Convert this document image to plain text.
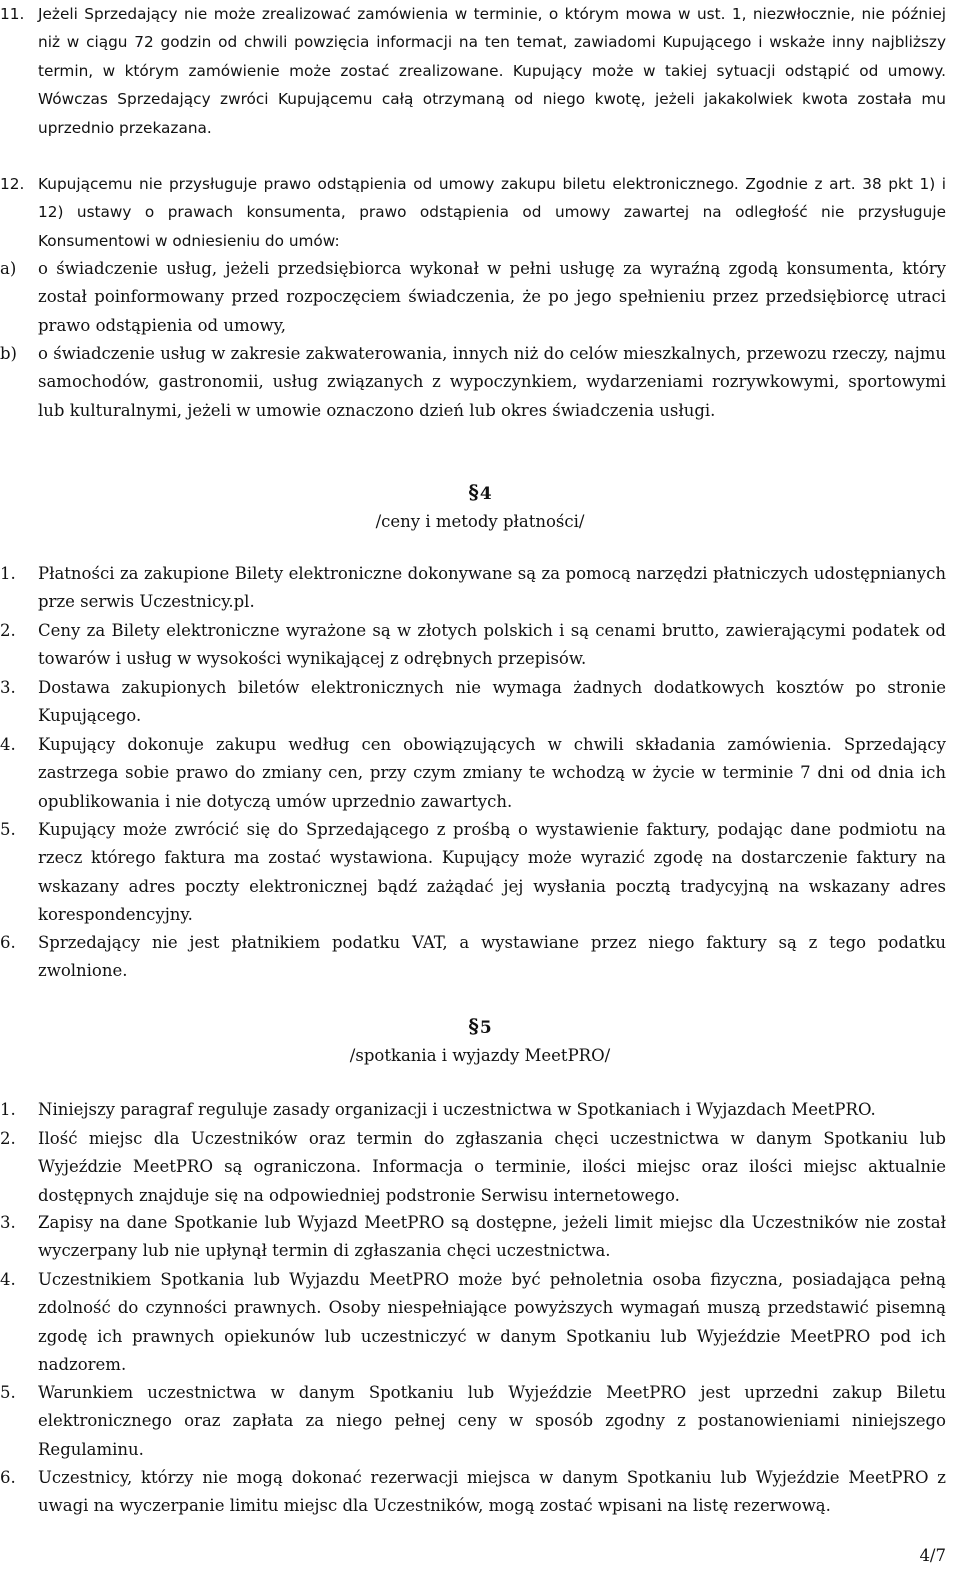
11. Jeżeli Sprzedający nie może zrealizować zamówienia w terminie, o którym mowa w ust. 1, niezwłocznie, nie później niż w ciągu 72 godzin od chwili powzięcia informacji na ten temat, zawiadomi Kupującego i wskaże inny najbliższy termin, w którym zamówienie może zostać zrealizowane. Kupujący może w takiej sytuacji odstąpić od umowy. Wówczas Sprzedający zwróci Kupującemu całą otrzymaną od niego kwotę, jeżeli jakakolwiek kwota została mu uprzednio przekazana.
12. Kupującemu nie przysługuje prawo odstąpienia od umowy zakupu biletu elektronicznego. Zgodnie z art. 38 pkt 1) i 12) ustawy o prawach konsumenta, prawo odstąpienia od umowy zawartej na odległość nie przysługuje Konsumentowi w odniesieniu do umów:
a)	o świadczenie usług, jeżeli przedsiębiorca wykonał w pełni usługę za wyraźną zgodą konsumenta, który został poinformowany przed rozpoczęciem świadczenia, że po jego spełnieniu przez przedsiębiorcę utraci prawo odstąpienia od umowy,
b)	o świadczenie usług w zakresie zakwaterowania, innych niż do celów mieszkalnych, przewozu rzeczy, najmu samochodów, gastronomii, usług związanych z wypoczynkiem, wydarzeniami rozrywkowymi, sportowymi lub kulturalnymi, jeżeli w umowie oznaczono dzień lub okres świadczenia usługi.
§ 4
/ceny i metody płatności/
1.	Płatności za zakupione Bilety elektroniczne dokonywane są za pomocą narzędzi płatniczych udostępnianych prze serwis Uczestnicy.pl.
2.	Ceny za Bilety elektroniczne wyrażone są w złotych polskich i są cenami brutto, zawierającymi podatek od towarów i usług w wysokości wynikającej z odrębnych przepisów.
3.	Dostawa zakupionych biletów elektronicznych nie wymaga żadnych dodatkowych kosztów po stronie Kupującego.
4.	Kupujący dokonuje zakupu według cen obowiązujących w chwili składania zamówienia. Sprzedający zastrzega sobie prawo do zmiany cen, przy czym zmiany te wchodzą w życie w terminie 7 dni od dnia ich opublikowania i nie dotyczą umów uprzednio zawartych.
5.	Kupujący może zwrócić się do Sprzedającego z prośbą o wystawienie faktury, podając dane podmiotu na rzecz którego faktura ma zostać wystawiona. Kupujący może wyrazić zgodę na dostarczenie faktury na wskazany adres poczty elektronicznej bądź zażądać jej wysłania pocztą tradycyjną na wskazany adres korespondencyjny.
6.	Sprzedający nie jest płatnikiem podatku VAT, a wystawiane przez niego faktury są z tego podatku zwolnione.
§ 5
/spotkania i wyjazdy MeetPRO/
1.	Niniejszy paragraf reguluje zasady organizacji i uczestnictwa w Spotkaniach i Wyjazdach MeetPRO.
2.	Ilość miejsc dla Uczestników oraz termin do zgłaszania chęci uczestnictwa w danym Spotkaniu lub Wyjeździe MeetPRO są ograniczona. Informacja o terminie, ilości miejsc oraz ilości miejsc aktualnie dostępnych znajduje się na odpowiedniej podstronie Serwisu internetowego.
3.	Zapisy na dane Spotkanie lub Wyjazd MeetPRO są dostępne, jeżeli limit miejsc dla Uczestników nie został wyczerpany lub nie upłynął termin di zgłaszania chęci uczestnictwa.
4.	Uczestnikiem Spotkania lub Wyjazdu MeetPRO może być pełnoletnia osoba fizyczna, posiadająca pełną zdolność do czynności prawnych. Osoby niespełniające powyższych wymagań muszą przedstawić pisemną zgodę ich prawnych opiekunów lub uczestniczyć w danym Spotkaniu lub Wyjeździe MeetPRO pod ich nadzorem.
5.	Warunkiem uczestnictwa w danym Spotkaniu lub Wyjeździe MeetPRO jest uprzedni zakup Biletu elektronicznego oraz zapłata za niego pełnej ceny w sposób zgodny z postanowieniami niniejszego Regulaminu.
6.	Uczestnicy, którzy nie mogą dokonać rezerwacji miejsca w danym Spotkaniu lub Wyjeździe MeetPRO z uwagi na wyczerpanie limitu miejsc dla Uczestników, mogą zostać wpisani na listę rezerwową.
4/7
